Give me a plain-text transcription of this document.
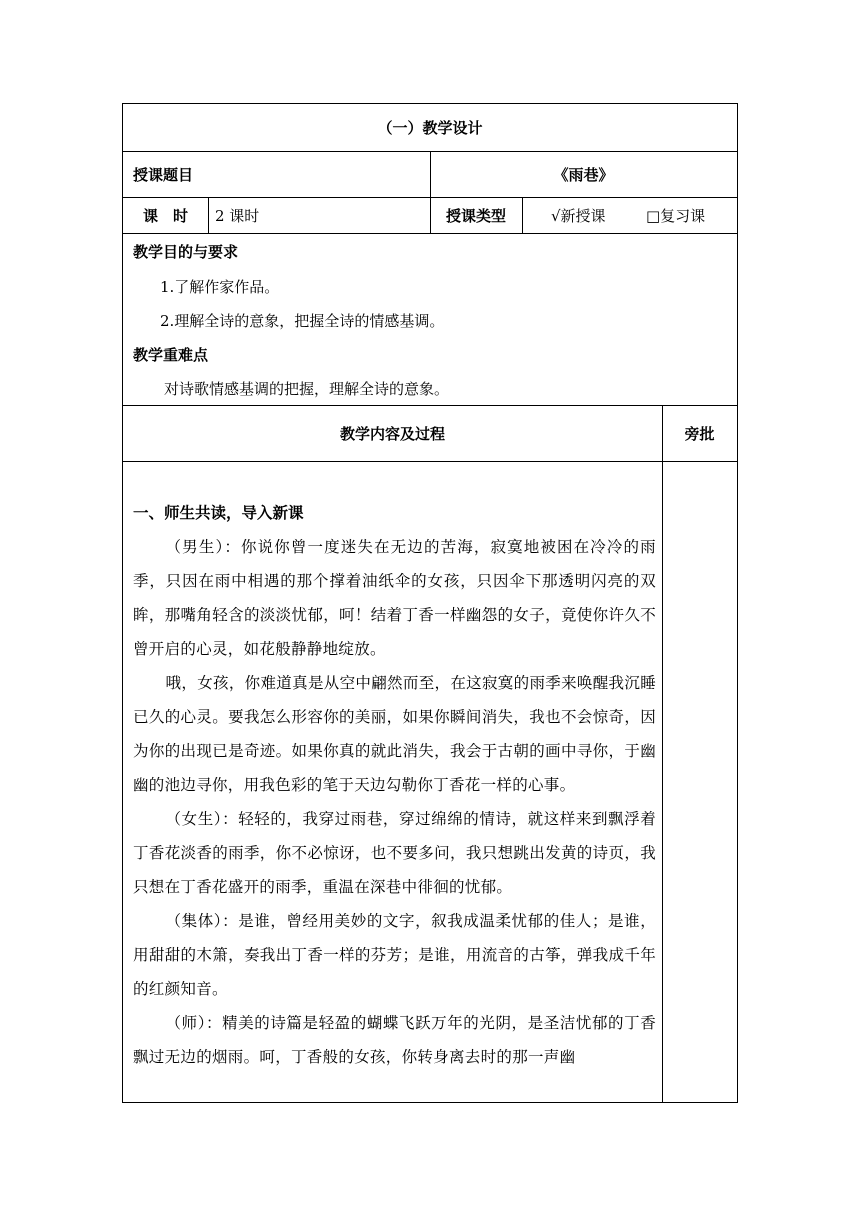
（一）教学设计
授课题目	《雨巷》
课　时	2 课时	授课类型	√新授课	□复习课
教学目的与要求
1.了解作家作品。
2.理解全诗的意象，把握全诗的情感基调。
教学重难点
对诗歌情感基调的把握，理解全诗的意象。
教学内容及过程	旁批
一、师生共读，导入新课

（男生）：你说你曾一度迷失在无边的苦海，寂寞地被困在冷冷的雨季，只因在雨中相遇的那个撑着油纸伞的女孩，只因伞下那透明闪亮的双眸，那嘴角轻含的淡淡忧郁，呵！结着丁香一样幽怨的女子，竟使你许久不曾开启的心灵，如花般静静地绽放。

哦，女孩，你难道真是从空中翩然而至，在这寂寞的雨季来唤醒我沉睡已久的心灵。要我怎么形容你的美丽，如果你瞬间消失，我也不会惊奇，因为你的出现已是奇迹。如果你真的就此消失，我会于古朝的画中寻你，于幽幽的池边寻你，用我色彩的笔于天边勾勒你丁香花一样的心事。

（女生）：轻轻的，我穿过雨巷，穿过绵绵的情诗，就这样来到飘浮着丁香花淡香的雨季，你不必惊讶，也不要多问，我只想跳出发黄的诗页，我只想在丁香花盛开的雨季，重温在深巷中徘徊的忧郁。

（集体）：是谁，曾经用美妙的文字，叙我成温柔忧郁的佳人；是谁，用甜甜的木箫，奏我出丁香一样的芬芳；是谁，用流音的古筝，弹我成千年的红颜知音。

（师）：精美的诗篇是轻盈的蝴蝶飞跃万年的光阴，是圣洁忧郁的丁香飘过无边的烟雨。呵，丁香般的女孩，你转身离去时的那一声幽
